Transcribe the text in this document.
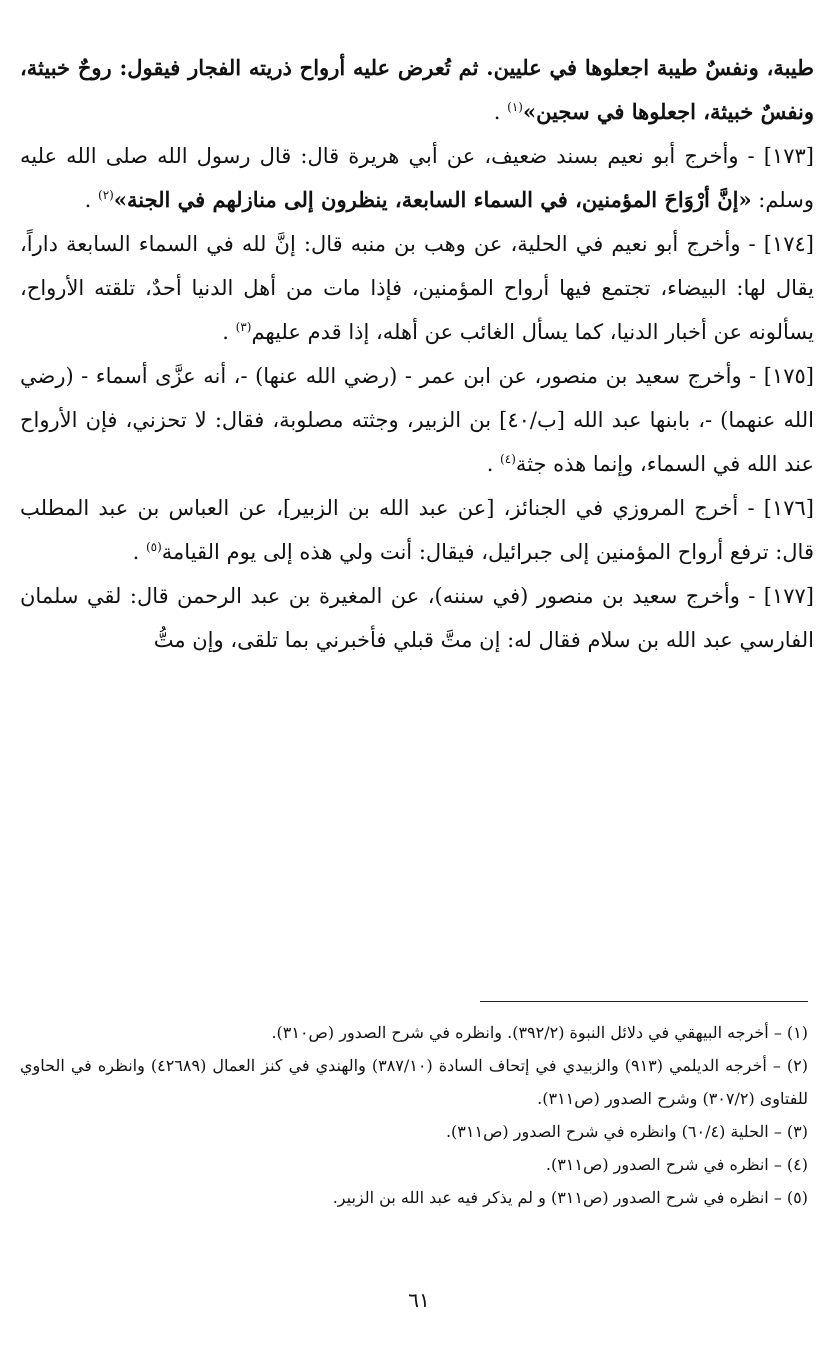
طيبة، ونفسٌ طيبة اجعلوها في عليين. ثم تُعرض عليه أرواح ذريته الفجار فيقول: روحٌ خبيثة، ونفسٌ خبيثة، اجعلوها في سجين»$^{(١)}$ .

[١٧٣] - وأخرج أبو نعيم بسند ضعيف، عن أبي هريرة قال: قال رسول الله صلى الله عليه وسلم: «إنَّ أرْوَاحَ المؤمنين، في السماء السابعة، ينظرون إلى منازلهم في الجنة»$^{(٢)}$ .

[١٧٤] - وأخرج أبو نعيم في الحلية، عن وهب بن منبه قال: إنَّ لله في السماء السابعة داراً، يقال لها: البيضاء، تجتمع فيها أرواح المؤمنين، فإذا مات من أهل الدنيا أحدٌ، تلقته الأرواح، يسألونه عن أخبار الدنيا، كما يسأل الغائب عن أهله، إذا قدم عليهم$^{(٣)}$ .

[١٧٥] - وأخرج سعيد بن منصور، عن ابن عمر - (رضي الله عنها) -، أنه عزَّى أسماء - (رضي الله عنهما) -، بابنها عبد الله [ب/٤٠] بن الزبير، وجثته مصلوبة، فقال: لا تحزني، فإن الأرواح عند الله في السماء، وإنما هذه جثة$^{(٤)}$ .

[١٧٦] - أخرج المروزي في الجنائز، [عن عبد الله بن الزبير]، عن العباس بن عبد المطلب قال: ترفع أرواح المؤمنين إلى جبرائيل، فيقال: أنت ولي هذه إلى يوم القيامة$^{(٥)}$ .

[١٧٧] - وأخرج سعيد بن منصور (في سننه)، عن المغيرة بن عبد الرحمن قال: لقي سلمان الفارسي عبد الله بن سلام فقال له: إن متَّ قبلي فأخبرني بما تلقى، وإن متُّ

(١) – أخرجه البيهقي في دلائل النبوة (٣٩٢/٢). وانظره في شرح الصدور (ص٣١٠).

(٢) – أخرجه الديلمي (٩١٣) والزبيدي في إتحاف السادة (٣٨٧/١٠) والهندي في كنز العمال (٤٢٦٨٩) وانظره في الحاوي للفتاوى (٣٠٧/٢) وشرح الصدور (ص٣١١).

(٣) – الحلية (٦٠/٤) وانظره في شرح الصدور (ص٣١١).

(٤) – انظره في شرح الصدور (ص٣١١).

(٥) – انظره في شرح الصدور (ص٣١١) و لم يذكر فيه عبد الله بن الزبير.

٦١
